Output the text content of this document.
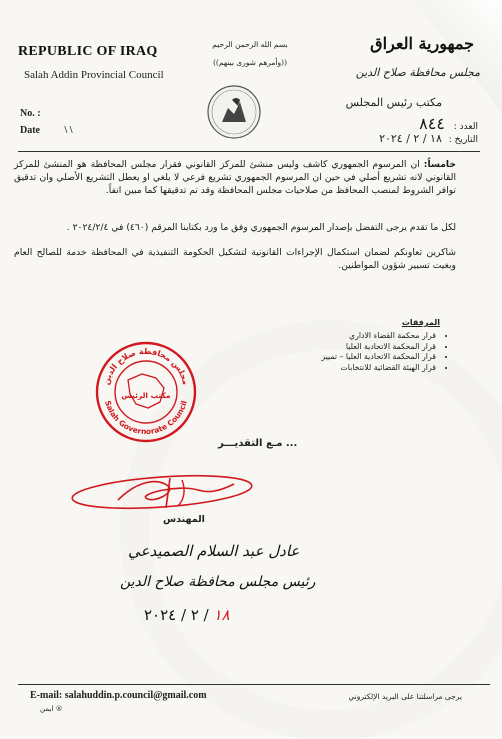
REPUBLIC OF IRAQ
Salah Addin Provincial Council
No. :
Date \ \
بسم الله الرحمن الرحيم
((وأمرهم شورى بينهم))
جمهورية العراق
مجلس محافظة صلاح الدين
مكتب رئيس المجلس
العدد : ٨٤٤
التاريخ : ١٨ / ٢ / ٢٠٢٤
خامساً: ان المرسوم الجمهوري كاشف وليس منشئ للمركز القانوني فقرار مجلس المحافظة هو المنشئ للمركز القانوني لانه تشريع أصلي في حين ان المرسوم الجمهوري تشريع فرعي لا يلغي او يعطل التشريع الأصلي وان تدقيق توافر الشروط لمنصب المحافظ من صلاحيات مجلس المحافظة وقد تم تدقيقها كما مبين انفاً.
لكل ما تقدم يرجى التفضل بإصدار المرسوم الجمهوري وفق ما ورد بكتابنا المرقم (٤٦٠) في ٢٠٢٤/٢/٤ .
شاكرين تعاونكم لضمان استكمال الإجراءات القانونية لتشكيل الحكومة التنفيذية في المحافظة خدمة للصالح العام وبغيت تسيير شؤون المواطنين.
المرفقات
• قرار محكمة القضاء الاداري
• قرار المحكمة الاتحادية العليا
• قرار المحكمة الاتحادية العليا – تمييز
• قرار الهيئة القضائية للانتخابات
مجلس محافظة صلاح الدين
Salah Governorate Council
مكتب الرئيس
... مـع التقديـــر
المهندس
عادل عبد السلام الصميدعي
رئيس مجلس محافظة صلاح الدين
١٨ / ٢ / ٢٠٢٤
E-mail: salahuddin.p.council@gmail.com
ايمن ®
يرجى مراسلتنا على البريد الإلكتروني
